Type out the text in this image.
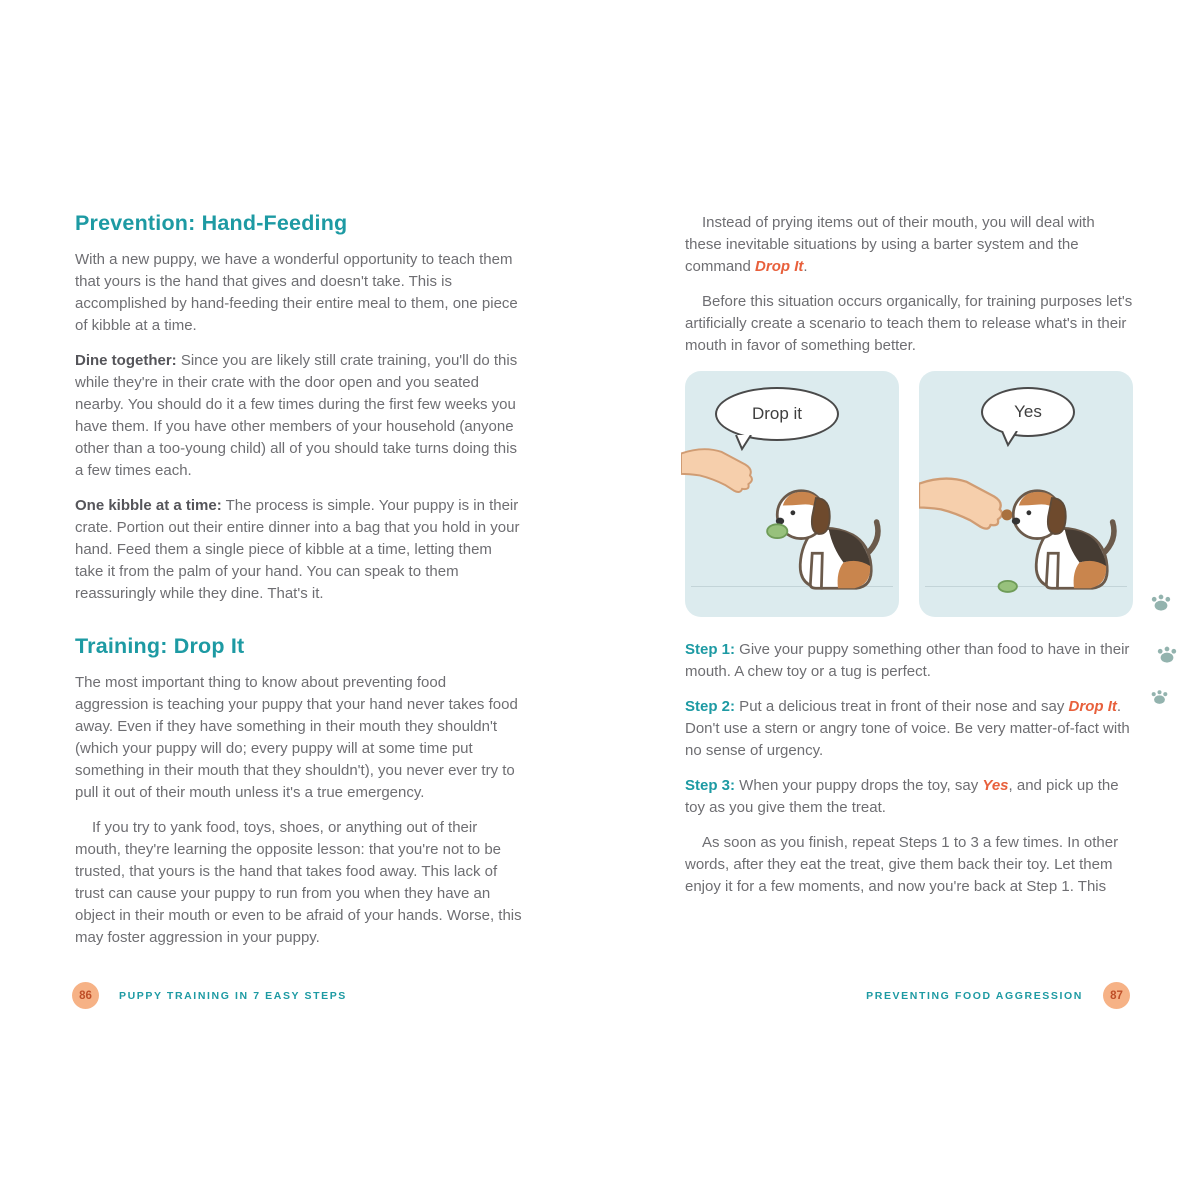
Prevention: Hand-Feeding

With a new puppy, we have a wonderful opportunity to teach them that yours is the hand that gives and doesn't take. This is accomplished by hand-feeding their entire meal to them, one piece of kibble at a time.

Dine together: Since you are likely still crate training, you'll do this while they're in their crate with the door open and you seated nearby. You should do it a few times during the first few weeks you have them. If you have other members of your household (anyone other than a too-young child) all of you should take turns doing this a few times each.

One kibble at a time: The process is simple. Your puppy is in their crate. Portion out their entire dinner into a bag that you hold in your hand. Feed them a single piece of kibble at a time, letting them take it from the palm of your hand. You can speak to them reassuringly while they dine. That's it.

Training: Drop It

The most important thing to know about preventing food aggression is teaching your puppy that your hand never takes food away. Even if they have something in their mouth they shouldn't (which your puppy will do; every puppy will at some time put something in their mouth that they shouldn't), you never ever try to pull it out of their mouth unless it's a true emergency.

If you try to yank food, toys, shoes, or anything out of their mouth, they're learning the opposite lesson: that you're not to be trusted, that yours is the hand that takes food away. This lack of trust can cause your puppy to run from you when they have an object in their mouth or even to be afraid of your hands. Worse, this may foster aggression in your puppy.

Instead of prying items out of their mouth, you will deal with these inevitable situations by using a barter system and the command Drop It.

Before this situation occurs organically, for training purposes let's artificially create a scenario to teach them to release what's in their mouth in favor of something better.

Drop it	Yes

Step 1: Give your puppy something other than food to have in their mouth. A chew toy or a tug is perfect.

Step 2: Put a delicious treat in front of their nose and say Drop It. Don't use a stern or angry tone of voice. Be very matter-of-fact with no sense of urgency.

Step 3: When your puppy drops the toy, say Yes, and pick up the toy as you give them the treat.

As soon as you finish, repeat Steps 1 to 3 a few times. In other words, after they eat the treat, give them back their toy. Let them enjoy it for a few moments, and now you're back at Step 1. This

86	PUPPY TRAINING IN 7 EASY STEPS	PREVENTING FOOD AGGRESSION 87
